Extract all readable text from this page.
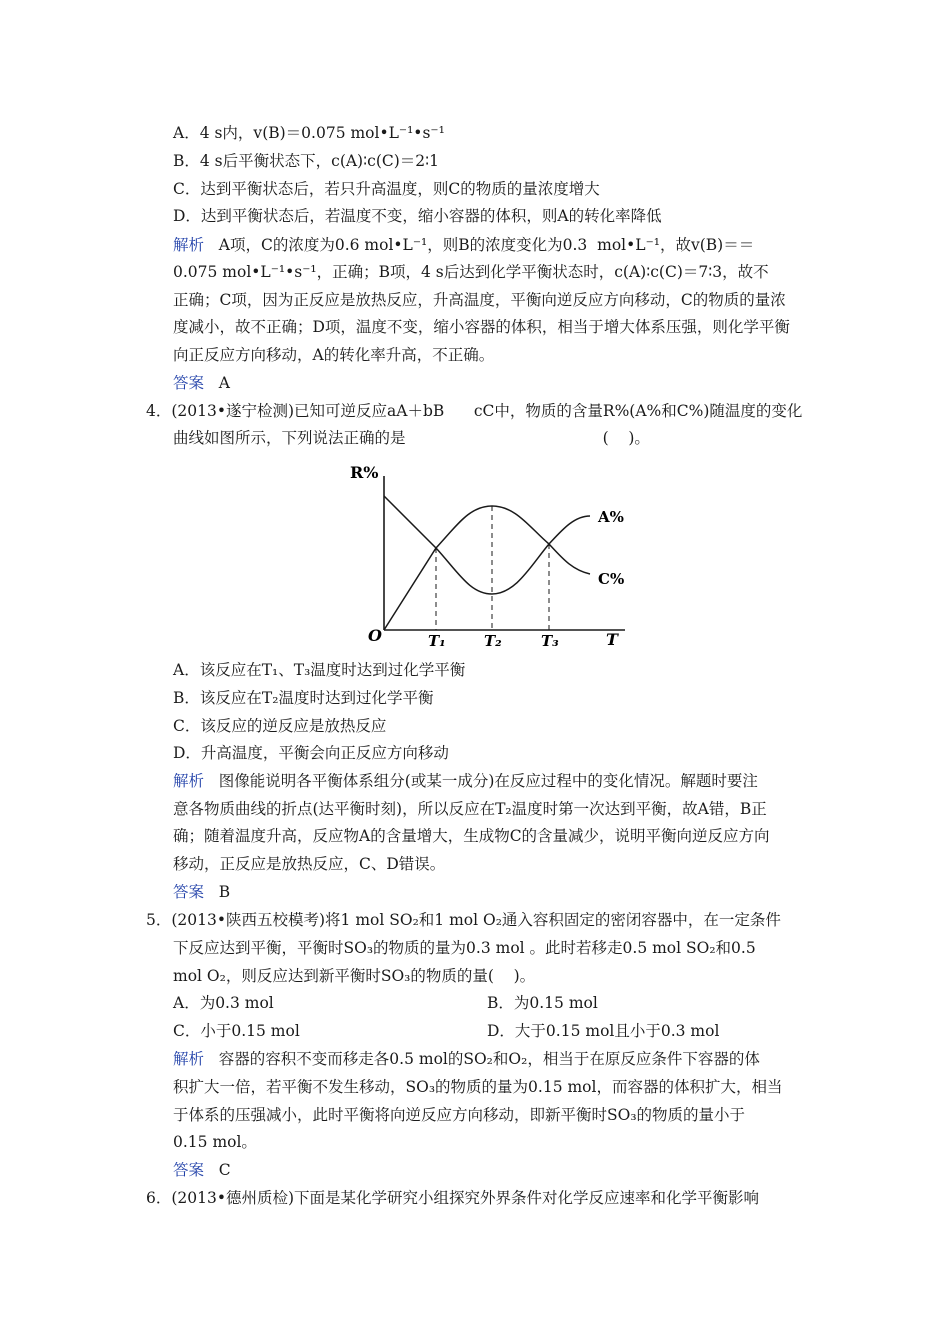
A．4 s内，v(B)＝0.075 mol•L⁻¹•s⁻¹
B．4 s后平衡状态下，c(A)∶c(C)＝2∶1
C．达到平衡状态后，若只升高温度，则C的物质的量浓度增大
D．达到平衡状态后，若温度不变，缩小容器的体积，则A的转化率降低
解析 A项，C的浓度为0.6 mol•L⁻¹，则B的浓度变化为0.3  mol•L⁻¹，故v(B)＝＝
0.075 mol•L⁻¹•s⁻¹，正确；B项，4 s后达到化学平衡状态时，c(A)∶c(C)＝7∶3，故不
正确；C项，因为正反应是放热反应，升高温度，平衡向逆反应方向移动，C的物质的量浓
度减小，故不正确；D项，温度不变，缩小容器的体积，相当于增大体系压强，则化学平衡
向正反应方向移动，A的转化率升高，不正确。
答案 A
4．(2013•遂宁检测)已知可逆反应aA＋bB      cC中，物质的含量R%(A%和C%)随温度的变化
曲线如图所示，下列说法正确的是                                        (    )。
R%
T
O	T₁	T₂	T₃
A%
C%
A．该反应在T₁、T₃温度时达到过化学平衡
B．该反应在T₂温度时达到过化学平衡
C．该反应的逆反应是放热反应
D．升高温度，平衡会向正反应方向移动
解析 图像能说明各平衡体系组分(或某一成分)在反应过程中的变化情况。解题时要注
意各物质曲线的折点(达平衡时刻)，所以反应在T₂温度时第一次达到平衡，故A错，B正
确；随着温度升高，反应物A的含量增大，生成物C的含量减少，说明平衡向逆反应方向
移动，正反应是放热反应，C、D错误。
答案 B
5．(2013•陕西五校模考)将1 mol SO₂和1 mol O₂通入容积固定的密闭容器中，在一定条件
下反应达到平衡，平衡时SO₃的物质的量为0.3 mol 。此时若移走0.5 mol SO₂和0.5
mol O₂，则反应达到新平衡时SO₃的物质的量(    )。
A．为0.3 mol	B．为0.15 mol
C．小于0.15 mol	D．大于0.15 mol且小于0.3 mol
解析 容器的容积不变而移走各0.5 mol的SO₂和O₂，相当于在原反应条件下容器的体
积扩大一倍，若平衡不发生移动，SO₃的物质的量为0.15 mol，而容器的体积扩大，相当
于体系的压强减小，此时平衡将向逆反应方向移动，即新平衡时SO₃的物质的量小于
0.15 mol。
答案 C
6．(2013•德州质检)下面是某化学研究小组探究外界条件对化学反应速率和化学平衡影响
